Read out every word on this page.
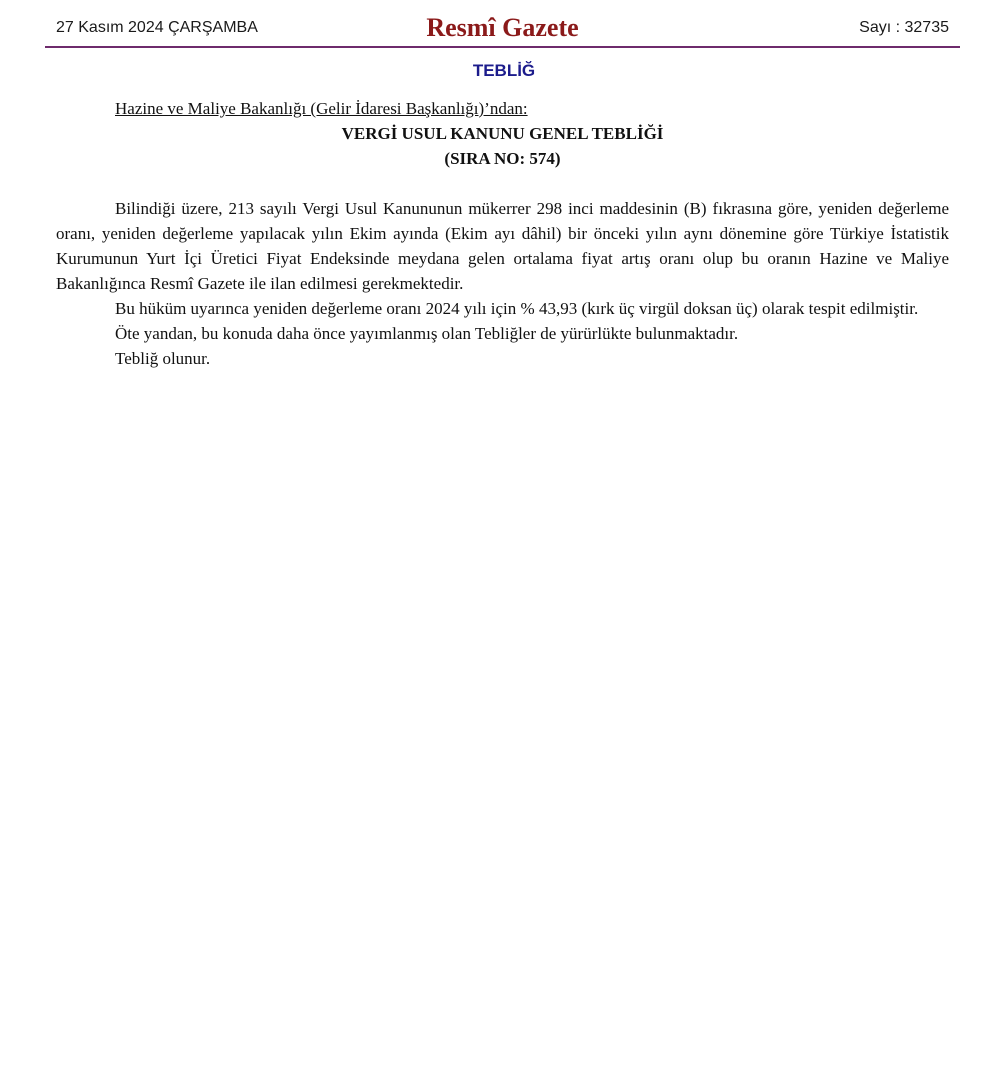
27 Kasım 2024 ÇARŞAMBA	Resmî Gazete	Sayı : 32735
TEBLİĞ
Hazine ve Maliye Bakanlığı (Gelir İdaresi Başkanlığı)’ndan:
VERGİ USUL KANUNU GENEL TEBLİĞİ
(SIRA NO: 574)

Bilindiği üzere, 213 sayılı Vergi Usul Kanununun mükerrer 298 inci maddesinin (B) fıkrasına göre, yeniden değerleme oranı, yeniden değerleme yapılacak yılın Ekim ayında (Ekim ayı dâhil) bir önceki yılın aynı dönemine göre Türkiye İstatistik Kurumunun Yurt İçi Üretici Fiyat Endeksinde meydana gelen ortalama fiyat artış oranı olup bu oranın Hazine ve Maliye Bakanlığınca Resmî Gazete ile ilan edilmesi gerekmektedir.

Bu hüküm uyarınca yeniden değerleme oranı 2024 yılı için % 43,93 (kırk üç virgül doksan üç) olarak tespit edilmiştir.

Öte yandan, bu konuda daha önce yayımlanmış olan Tebliğler de yürürlükte bulunmaktadır.

Tebliğ olunur.
